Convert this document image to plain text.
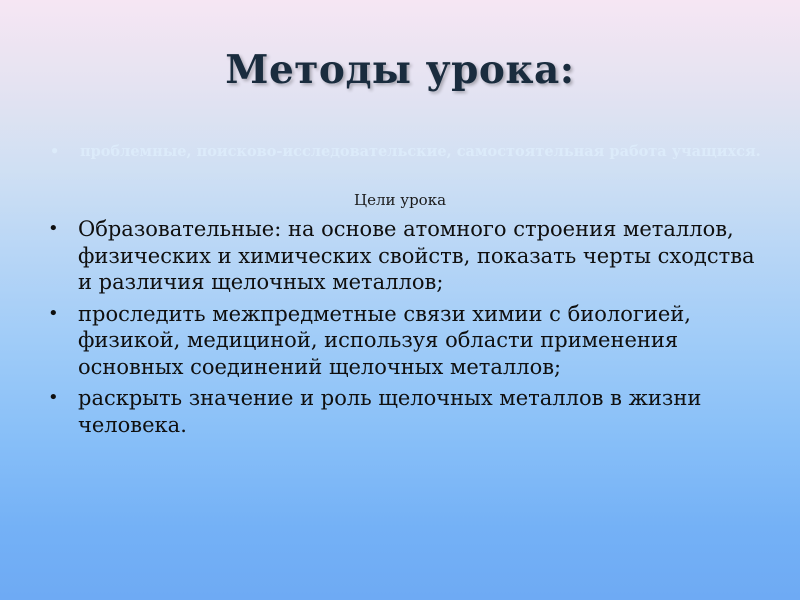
Методы урока:
•	проблемные, поисково-исследовательские, самостоятельная работа учащихся.
Цели урока
• Образовательные: на основе атомного строения металлов, физических и химических свойств, показать черты сходства и различия щелочных металлов;
• проследить межпредметные связи химии с биологией, физикой, медициной, используя области применения основных соединений щелочных металлов;
• раскрыть значение и роль щелочных металлов в жизни человека.
